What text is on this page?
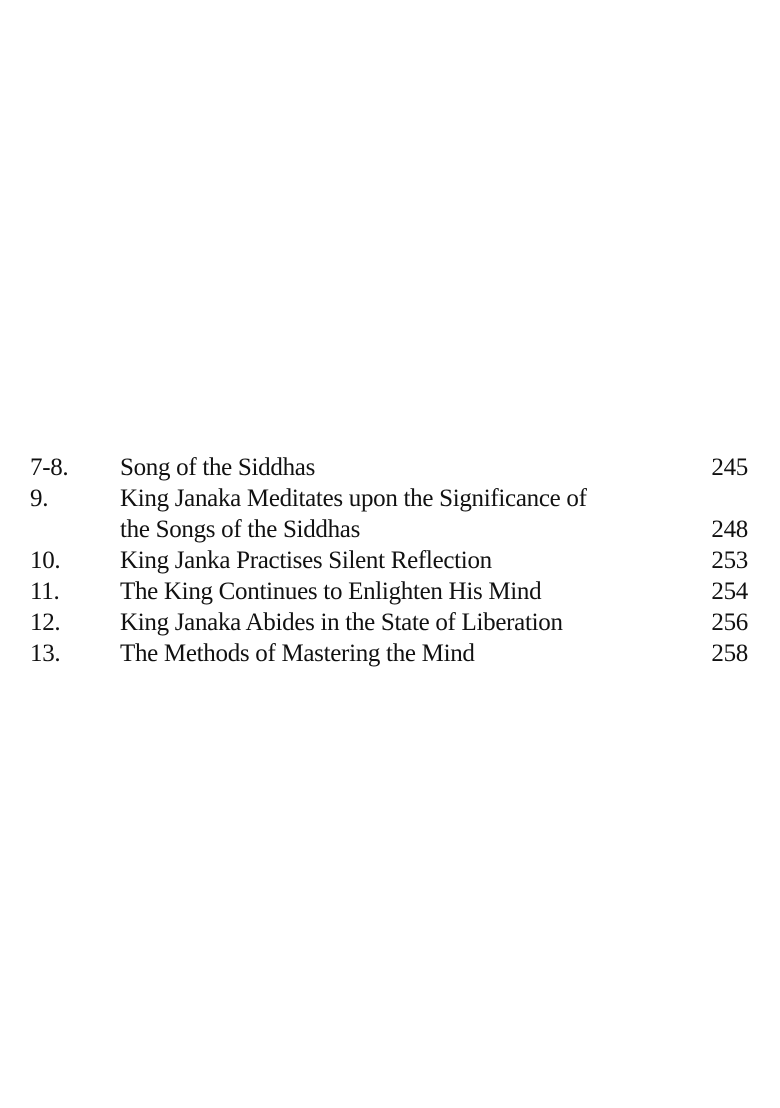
7-8.	Song of the Siddhas	245
9.	King Janaka Meditates upon the Significance of
the Songs of the Siddhas	248
10.	King Janka Practises Silent Reflection	253
11.	The King Continues to Enlighten His Mind	254
12.	King Janaka Abides in the State of Liberation	256
13.	The Methods of Mastering the Mind	258
